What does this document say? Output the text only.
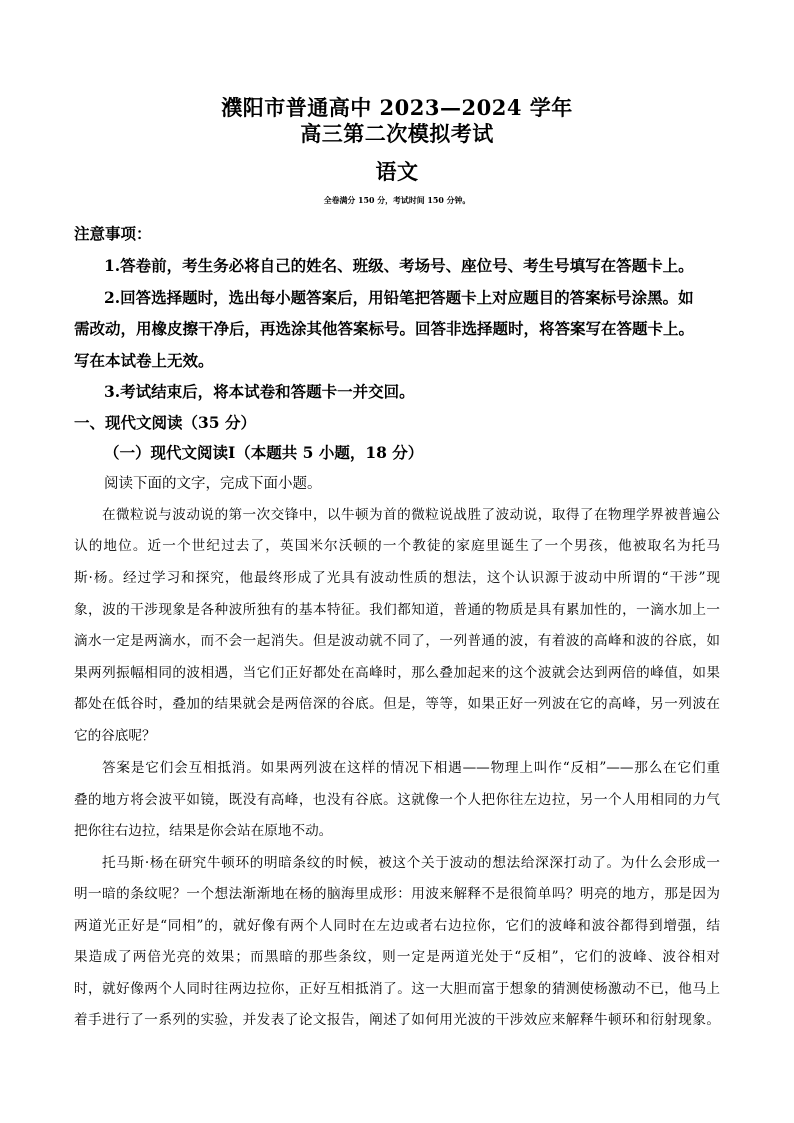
濮阳市普通高中 2023—2024 学年
高三第二次模拟考试
语文
全卷满分 150 分，考试时间 150 分钟。
注意事项：
1.答卷前，考生务必将自己的姓名、班级、考场号、座位号、考生号填写在答题卡上。
2.回答选择题时，选出每小题答案后，用铅笔把答题卡上对应题目的答案标号涂黑。如
需改动，用橡皮擦干净后，再选涂其他答案标号。回答非选择题时，将答案写在答题卡上。
写在本试卷上无效。
3.考试结束后，将本试卷和答题卡一并交回。
一、现代文阅读（35 分）
（一）现代文阅读Ⅰ（本题共 5 小题，18 分）
阅读下面的文字，完成下面小题。
在微粒说与波动说的第一次交锋中，以牛顿为首的微粒说战胜了波动说，取得了在物理学界被普遍公
认的地位。近一个世纪过去了，英国米尔沃顿的一个教徒的家庭里诞生了一个男孩，他被取名为托马
斯·杨。经过学习和探究，他最终形成了光具有波动性质的想法，这个认识源于波动中所谓的“干涉”现
象，波的干涉现象是各种波所独有的基本特征。我们都知道，普通的物质是具有累加性的，一滴水加上一
滴水一定是两滴水，而不会一起消失。但是波动就不同了，一列普通的波，有着波的高峰和波的谷底，如
果两列振幅相同的波相遇，当它们正好都处在高峰时，那么叠加起来的这个波就会达到两倍的峰值，如果
都处在低谷时，叠加的结果就会是两倍深的谷底。但是，等等，如果正好一列波在它的高峰，另一列波在
它的谷底呢？
答案是它们会互相抵消。如果两列波在这样的情况下相遇——物理上叫作“反相”——那么在它们重
叠的地方将会波平如镜，既没有高峰，也没有谷底。这就像一个人把你往左边拉，另一个人用相同的力气
把你往右边拉，结果是你会站在原地不动。
托马斯·杨在研究牛顿环的明暗条纹的时候，被这个关于波动的想法给深深打动了。为什么会形成一
明一暗的条纹呢？一个想法渐渐地在杨的脑海里成形：用波来解释不是很简单吗？明亮的地方，那是因为
两道光正好是“同相”的，就好像有两个人同时在左边或者右边拉你，它们的波峰和波谷都得到增强，结
果造成了两倍光亮的效果；而黑暗的那些条纹，则一定是两道光处于“反相”，它们的波峰、波谷相对
时，就好像两个人同时往两边拉你，正好互相抵消了。这一大胆而富于想象的猜测使杨激动不已，他马上
着手进行了一系列的实验，并发表了论文报告，阐述了如何用光波的干涉效应来解释牛顿环和衍射现象。
